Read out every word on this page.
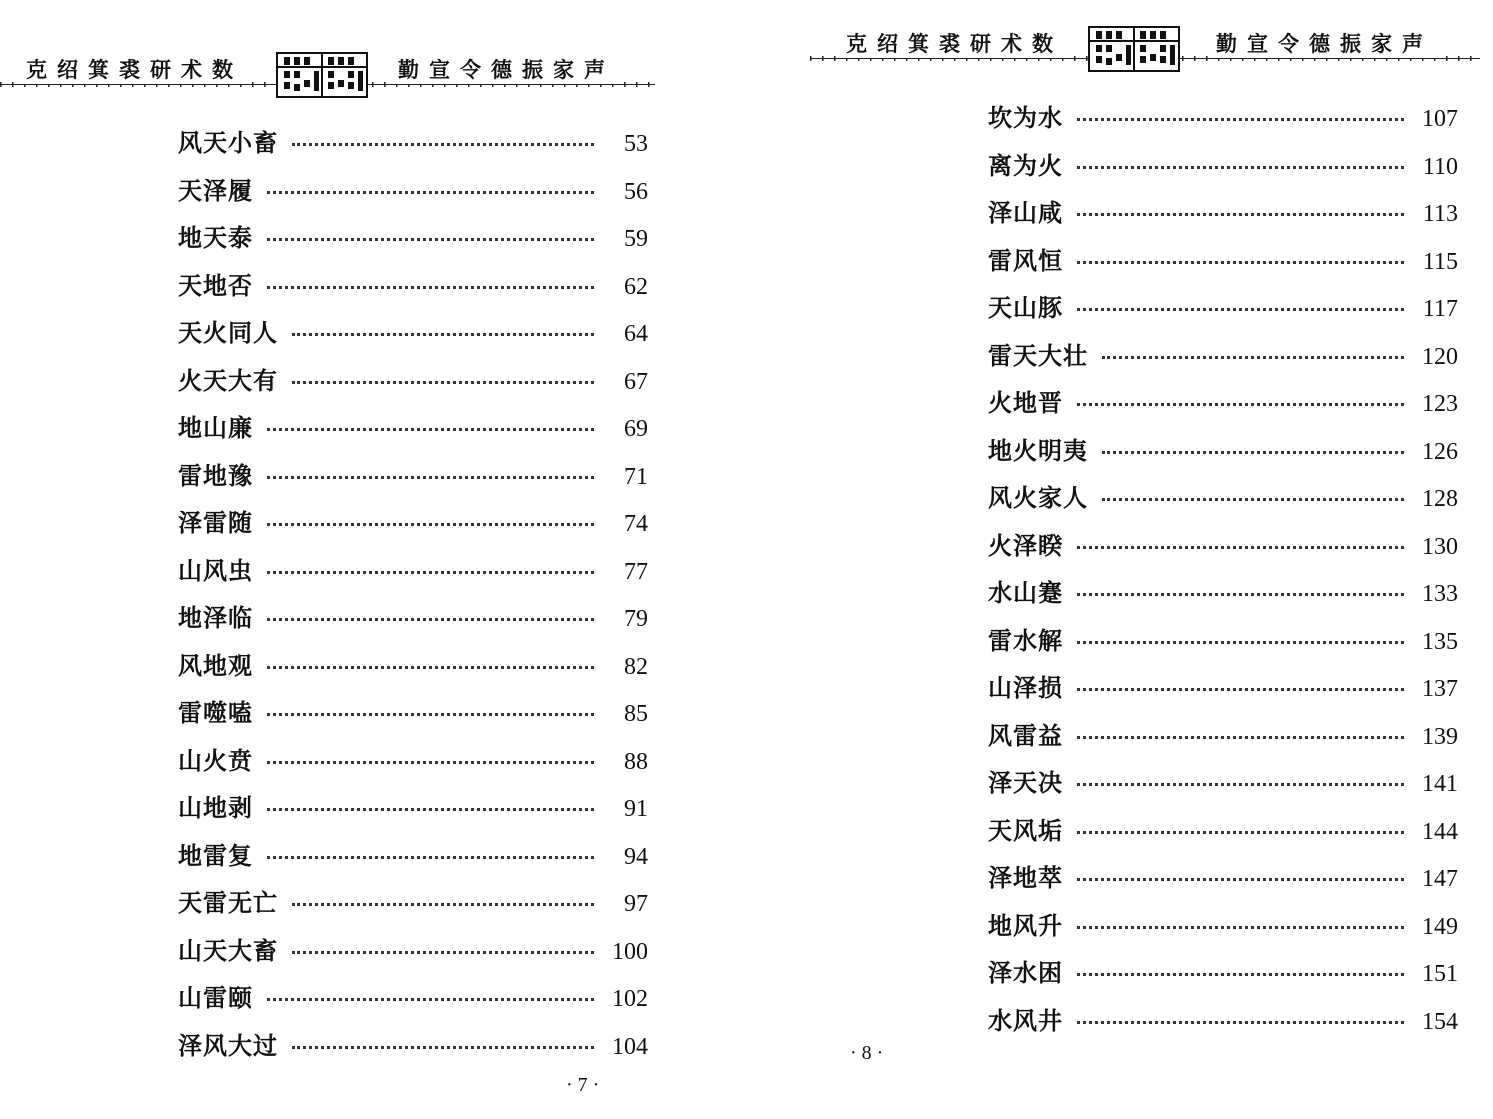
克绍箕裘研术数	勤宣令德振家声
风天小畜	53
天泽履	56
地天泰	59
天地否	62
天火同人	64
火天大有	67
地山廉	69
雷地豫	71
泽雷随	74
山风虫	77
地泽临	79
风地观	82
雷噬嗑	85
山火贲	88
山地剥	91
地雷复	94
天雷无亡	97
山天大畜	100
山雷颐	102
泽风大过	104
· 7 ·
克绍箕裘研术数	勤宣令德振家声
坎为水	107
离为火	110
泽山咸	113
雷风恒	115
天山豚	117
雷天大壮	120
火地晋	123
地火明夷	126
风火家人	128
火泽睽	130
水山蹇	133
雷水解	135
山泽损	137
风雷益	139
泽天决	141
天风垢	144
泽地萃	147
地风升	149
泽水困	151
水风井	154
· 8 ·
